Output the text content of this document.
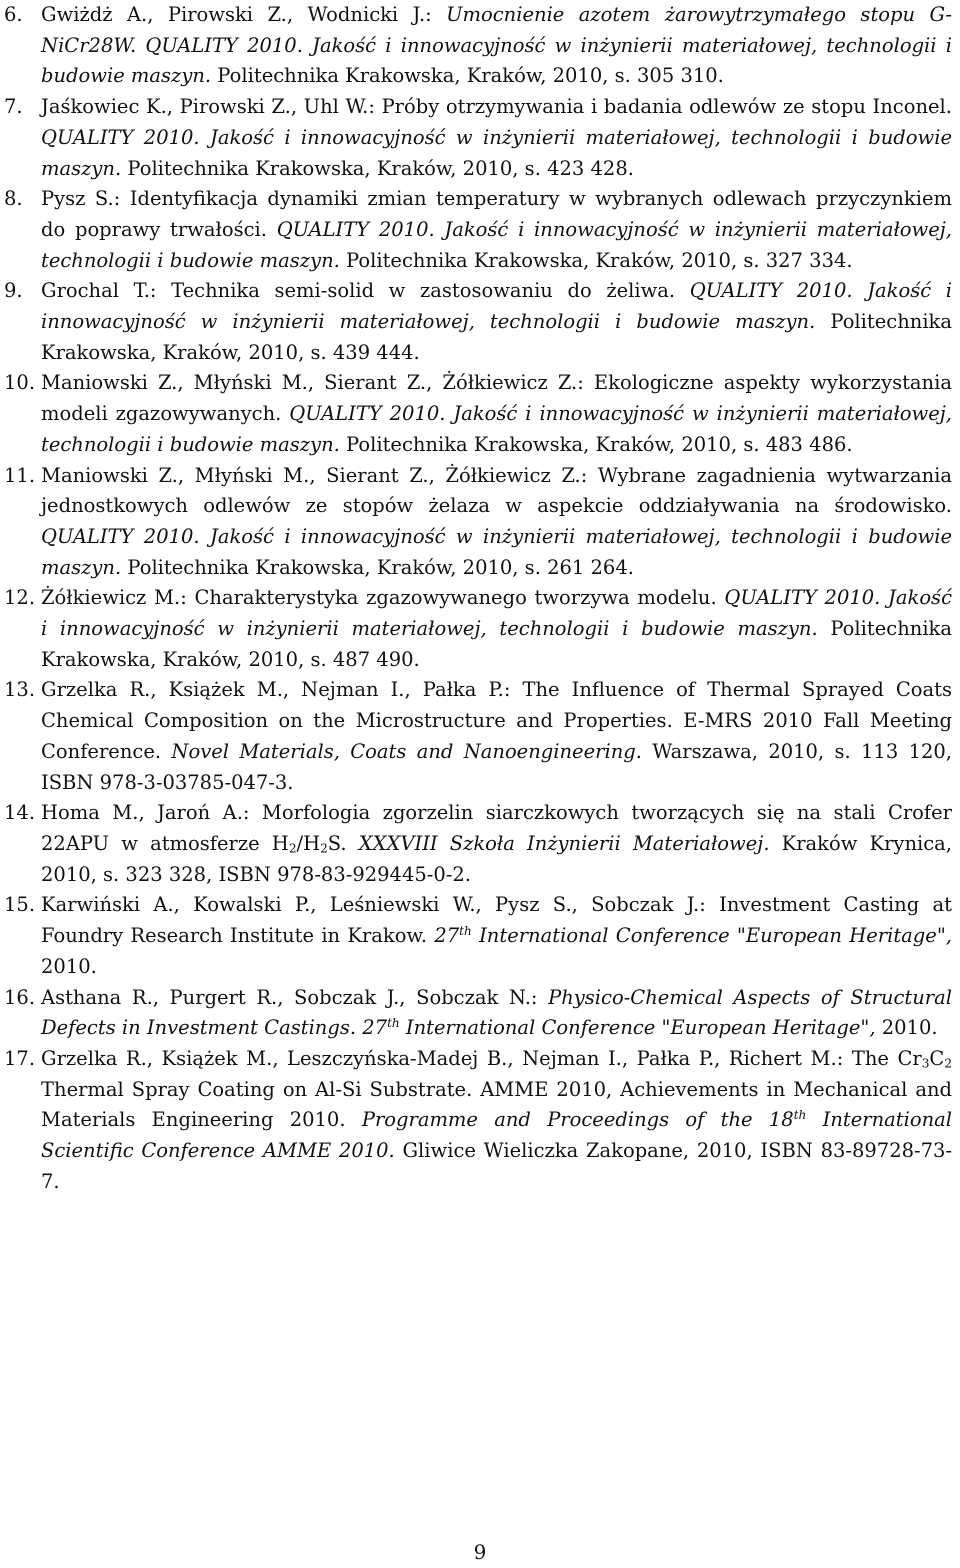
6. Gwiżdż A., Pirowski Z., Wodnicki J.: Umocnienie azotem żarowytrzymałego stopu G-NiCr28W. QUALITY 2010. Jakość i innowacyjność w inżynierii materiałowej, technologii i budowie maszyn. Politechnika Krakowska, Kraków, 2010, s. 305 310.
7. Jaśkowiec K., Pirowski Z., Uhl W.: Próby otrzymywania i badania odlewów ze stopu Inconel. QUALITY 2010. Jakość i innowacyjność w inżynierii materiałowej, technologii i budowie maszyn. Politechnika Krakowska, Kraków, 2010, s. 423 428.
8. Pysz S.: Identyfikacja dynamiki zmian temperatury w wybranych odlewach przyczynkiem do poprawy trwałości. QUALITY 2010. Jakość i innowacyjność w inżynierii materiałowej, technologii i budowie maszyn. Politechnika Krakowska, Kraków, 2010, s. 327 334.
9. Grochal T.: Technika semi-solid w zastosowaniu do żeliwa. QUALITY 2010. Jakość i innowacyjność w inżynierii materiałowej, technologii i budowie maszyn. Politechnika Krakowska, Kraków, 2010, s. 439 444.
10. Maniowski Z., Młyński M., Sierant Z., Żółkiewicz Z.: Ekologiczne aspekty wykorzystania modeli zgazowywanych. QUALITY 2010. Jakość i innowacyjność w inżynierii materiałowej, technologii i budowie maszyn. Politechnika Krakowska, Kraków, 2010, s. 483 486.
11. Maniowski Z., Młyński M., Sierant Z., Żółkiewicz Z.: Wybrane zagadnienia wytwarzania jednostkowych odlewów ze stopów żelaza w aspekcie oddziaływania na środowisko. QUALITY 2010. Jakość i innowacyjność w inżynierii materiałowej, technologii i budowie maszyn. Politechnika Krakowska, Kraków, 2010, s. 261 264.
12. Żółkiewicz M.: Charakterystyka zgazowywanego tworzywa modelu. QUALITY 2010. Jakość i innowacyjność w inżynierii materiałowej, technologii i budowie maszyn. Politechnika Krakowska, Kraków, 2010, s. 487 490.
13. Grzelka R., Książek M., Nejman I., Pałka P.: The Influence of Thermal Sprayed Coats Chemical Composition on the Microstructure and Properties. E-MRS 2010 Fall Meeting Conference. Novel Materials, Coats and Nanoengineering. Warszawa, 2010, s. 113 120, ISBN 978-3-03785-047-3.
14. Homa M., Jaroń A.: Morfologia zgorzelin siarczkowych tworzących się na stali Crofer 22APU w atmosferze $H_2/H_2S$. XXXVIII Szkoła Inżynierii Materiałowej. Kraków Krynica, 2010, s. 323 328, ISBN 978-83-929445-0-2.
15. Karwiński A., Kowalski P., Leśniewski W., Pysz S., Sobczak J.: Investment Casting at Foundry Research Institute in Krakow. 27th International Conference "European Heritage", 2010.
16. Asthana R., Purgert R., Sobczak J., Sobczak N.: Physico-Chemical Aspects of Structural Defects in Investment Castings. 27th International Conference "European Heritage", 2010.
17. Grzelka R., Książek M., Leszczyńska-Madej B., Nejman I., Pałka P., Richert M.: The $Cr_3C_2$ Thermal Spray Coating on Al-Si Substrate. AMME 2010, Achievements in Mechanical and Materials Engineering 2010. Programme and Proceedings of the 18th International Scientific Conference AMME 2010. Gliwice Wieliczka Zakopane, 2010, ISBN 83-89728-73-7.
9
